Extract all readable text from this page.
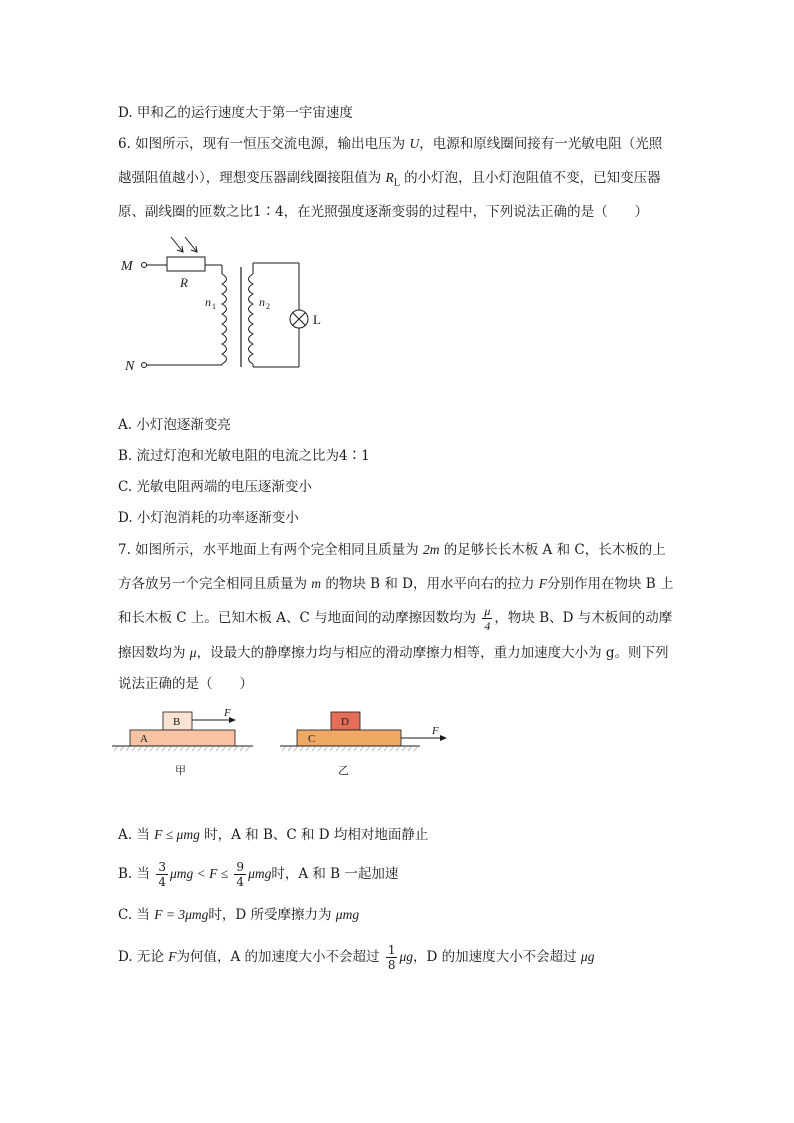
D. 甲和乙的运行速度大于第一宇宙速度
6. 如图所示，现有一恒压交流电源，输出电压为 U，电源和原线圈间接有一光敏电阻（光照
越强阻值越小），理想变压器副线圈接阻值为 $R_L$ 的小灯泡，且小灯泡阻值不变，已知变压器
原、副线圈的匝数之比1∶4，在光照强度逐渐变弱的过程中，下列说法正确的是（　　）
M
N
R
n 1	n 2
L
A. 小灯泡逐渐变亮
B. 流过灯泡和光敏电阻的电流之比为4∶1
C. 光敏电阻两端的电压逐渐变小
D. 小灯泡消耗的功率逐渐变小
7. 如图所示，水平地面上有两个完全相同且质量为 2m 的足够长长木板 A 和 C，长木板的上
方各放另一个完全相同且质量为 m 的物块 B 和 D，用水平向右的拉力 F分别作用在物块 B 上
和长木板 C 上。已知木板 A、C 与地面间的动摩擦因数均为 $\frac{\mu}{4}$ ，物块 B、D 与木板间的动摩
擦因数均为 μ，设最大的静摩擦力均与相应的滑动摩擦力相等，重力加速度大小为 g。则下列
说法正确的是（　　）
B
A
F
甲
D
C
F
乙
A. 当 F ≤ μmg 时，A 和 B、C 和 D 均相对地面静止
B. 当 $\frac{3}{4}$ $\mu mg < F \le \frac{9}{4}$ μmg时，A 和 B 一起加速
C. 当 F = 3μmg时，D 所受摩擦力为 μmg
D. 无论 F为何值，A 的加速度大小不会超过 $\frac{1}{8}$ μg，D 的加速度大小不会超过 μg
